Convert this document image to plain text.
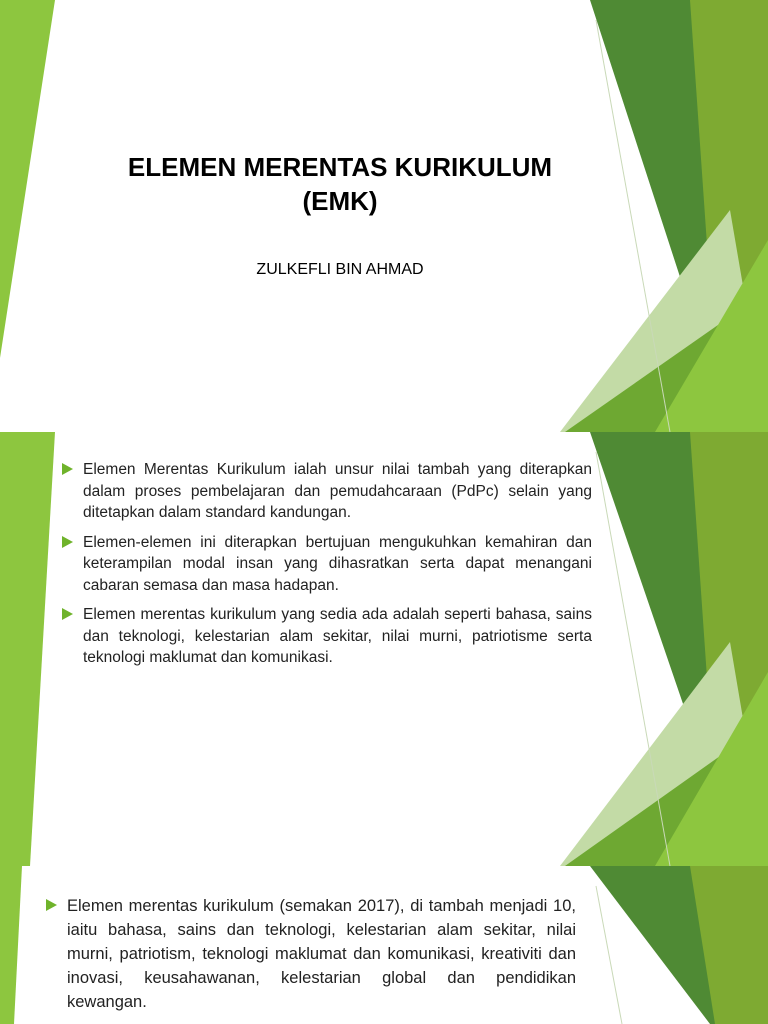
ELEMEN MERENTAS KURIKULUM
(EMK)
ZULKEFLI BIN AHMAD
Elemen Merentas Kurikulum ialah unsur nilai tambah yang diterapkan dalam proses pembelajaran dan pemudahcaraan (PdPc) selain yang ditetapkan dalam standard kandungan.
Elemen-elemen ini diterapkan bertujuan mengukuhkan kemahiran dan keterampilan modal insan yang dihasratkan serta dapat menangani cabaran semasa dan masa hadapan.
Elemen merentas kurikulum yang sedia ada adalah seperti bahasa, sains dan teknologi, kelestarian alam sekitar, nilai murni, patriotisme serta teknologi maklumat dan komunikasi.
Elemen merentas kurikulum (semakan 2017), di tambah menjadi 10, iaitu bahasa, sains dan teknologi, kelestarian alam sekitar, nilai murni, patriotism, teknologi maklumat dan komunikasi, kreativiti dan inovasi, keusahawanan, kelestarian global dan pendidikan kewangan.
